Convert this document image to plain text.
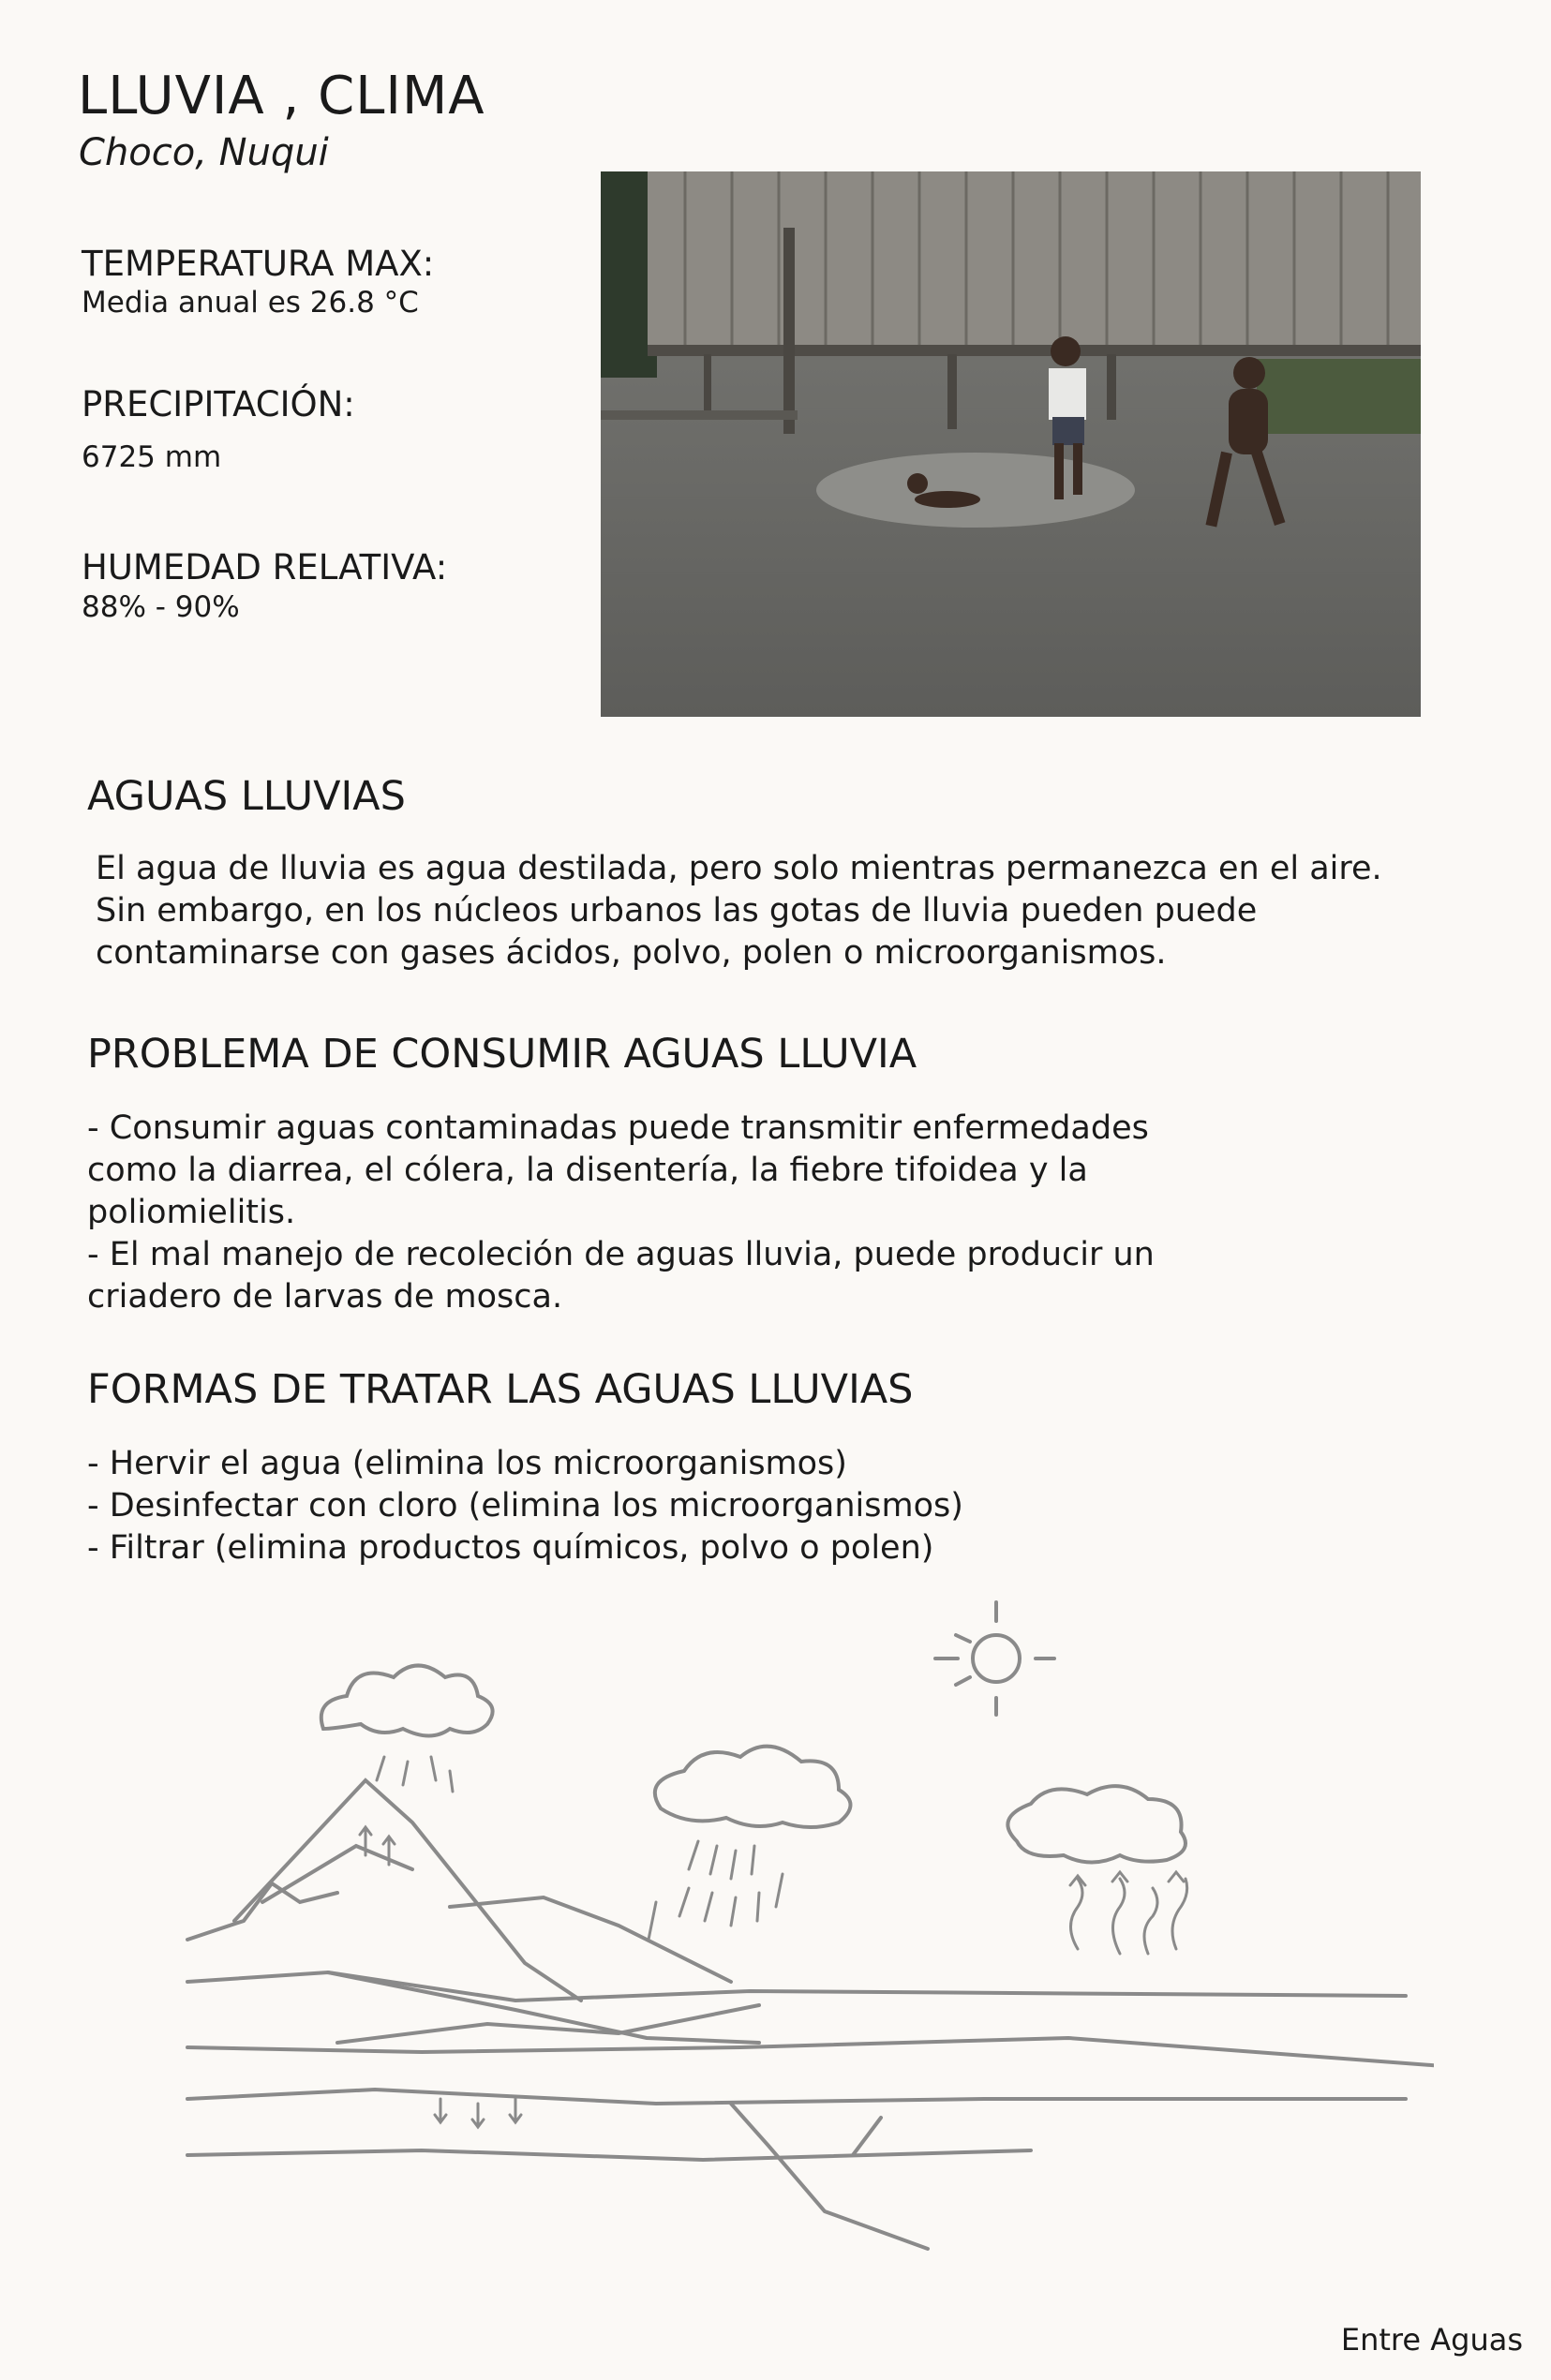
LLUVIA , CLIMA
Choco, Nuqui
TEMPERATURA MAX:
Media anual es 26.8 °C
PRECIPITACIÓN:
6725 mm
HUMEDAD RELATIVA:
88% - 90%
AGUAS LLUVIAS
El agua de lluvia es agua destilada, pero solo mientras permanezca en el aire.
Sin embargo, en los núcleos urbanos las gotas de lluvia pueden puede
contaminarse con gases ácidos, polvo, polen o microorganismos.
PROBLEMA DE CONSUMIR AGUAS LLUVIA
- Consumir aguas contaminadas puede transmitir enfermedades
como la diarrea, el cólera, la disentería, la fiebre tifoidea y la
poliomielitis.
- El mal manejo de recoleción de aguas lluvia, puede producir un
criadero de larvas de mosca.
FORMAS DE TRATAR LAS AGUAS LLUVIAS
- Hervir el agua (elimina los microorganismos)
- Desinfectar con cloro (elimina los microorganismos)
- Filtrar (elimina productos químicos, polvo o polen)
Entre Aguas
